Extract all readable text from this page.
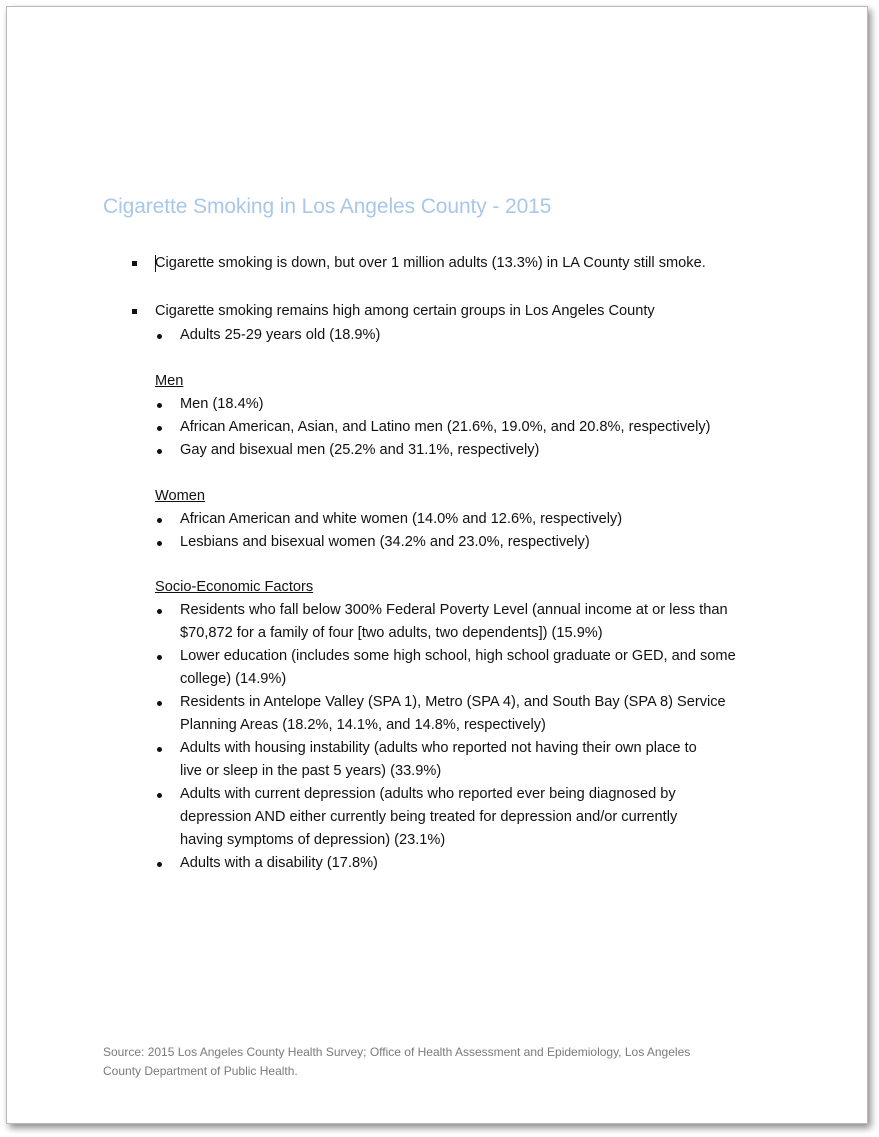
Cigarette Smoking in Los Angeles County - 2015
Cigarette smoking is down, but over 1 million adults (13.3%) in LA County still smoke.
Cigarette smoking remains high among certain groups in Los Angeles County
Adults 25-29 years old (18.9%)
Men
Men (18.4%)
African American, Asian, and Latino men (21.6%, 19.0%, and 20.8%, respectively)
Gay and bisexual men (25.2% and 31.1%, respectively)
Women
African American and white women (14.0% and 12.6%, respectively)
Lesbians and bisexual women (34.2% and 23.0%, respectively)
Socio-Economic Factors
Residents who fall below 300% Federal Poverty Level (annual income at or less than
$70,872 for a family of four [two adults, two dependents]) (15.9%)
Lower education (includes some high school, high school graduate or GED, and some
college) (14.9%)
Residents in Antelope Valley (SPA 1), Metro (SPA 4), and South Bay (SPA 8) Service
Planning Areas (18.2%, 14.1%, and 14.8%, respectively)
Adults with housing instability (adults who reported not having their own place to
live or sleep in the past 5 years) (33.9%)
Adults with current depression (adults who reported ever being diagnosed by
depression AND either currently being treated for depression and/or currently
having symptoms of depression) (23.1%)
Adults with a disability (17.8%)
Source: 2015 Los Angeles County Health Survey; Office of Health Assessment and Epidemiology, Los Angeles
County Department of Public Health.
